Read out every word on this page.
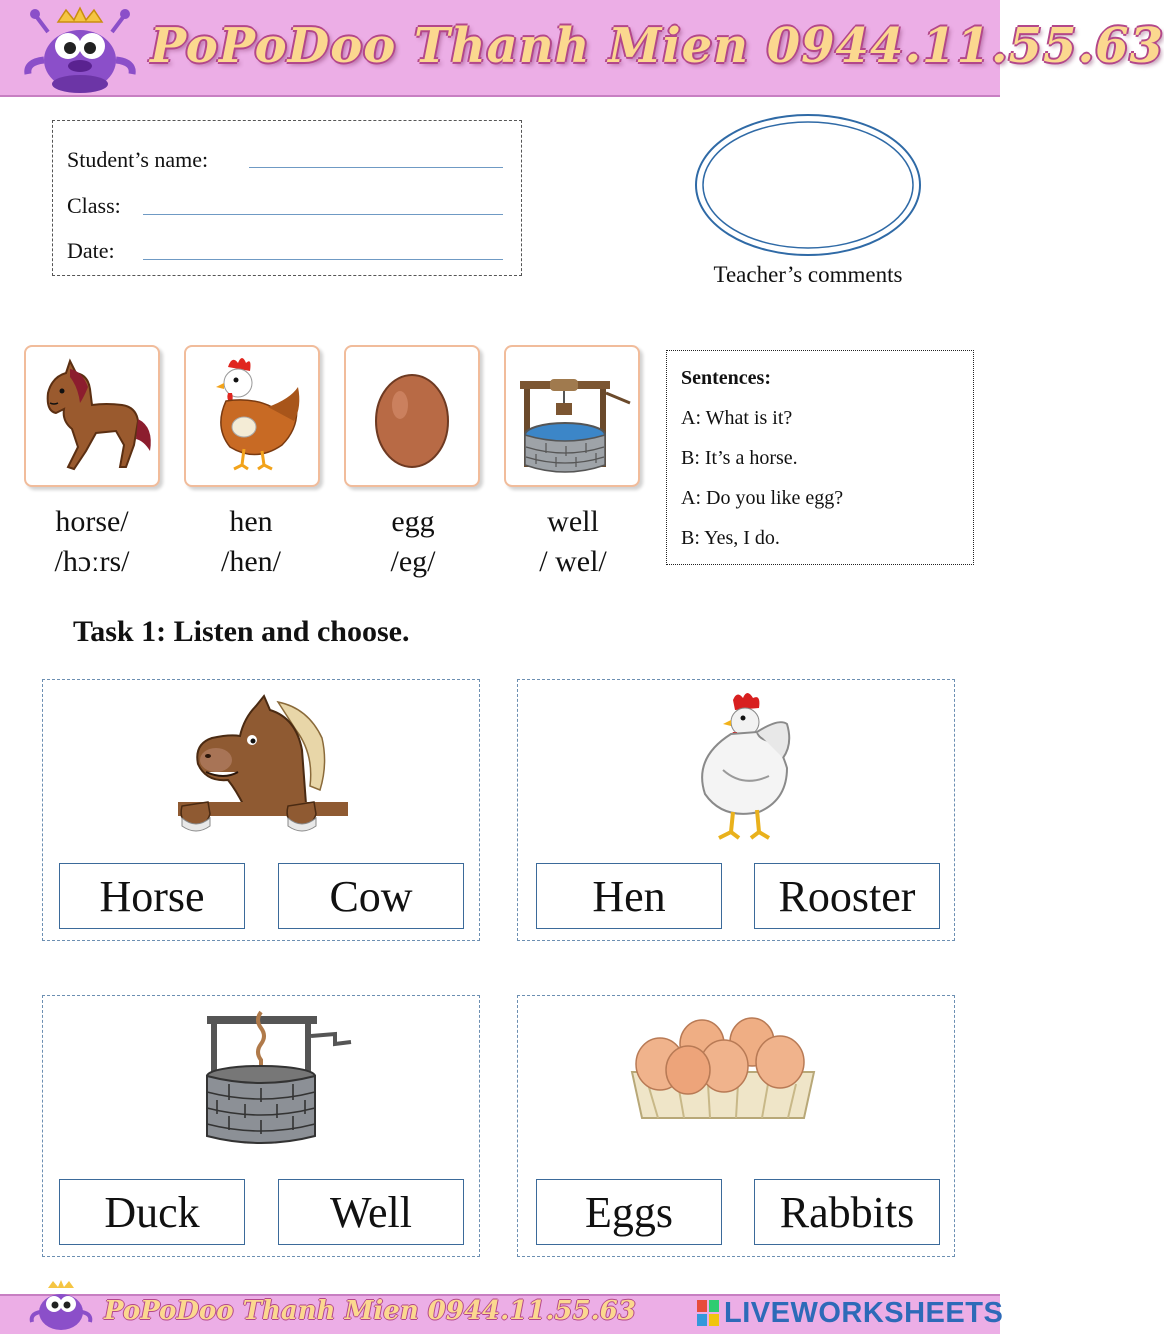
PoPoDoo Thanh Mien 0944.11.55.63
Student’s name:
Class:
Date:
Teacher’s comments
horse/
/hɔːrs/
hen
/hen/
egg
/eg/
well
/ wel/
Sentences:
A: What is it?
B: It’s a horse.
A: Do you like egg?
B: Yes, I do.
Task 1: Listen and choose.
Horse	Cow	Hen	Rooster
Duck	Well	Eggs	Rabbits
PoPoDoo Thanh Mien 0944.11.55.63	LIVEWORKSHEETS
